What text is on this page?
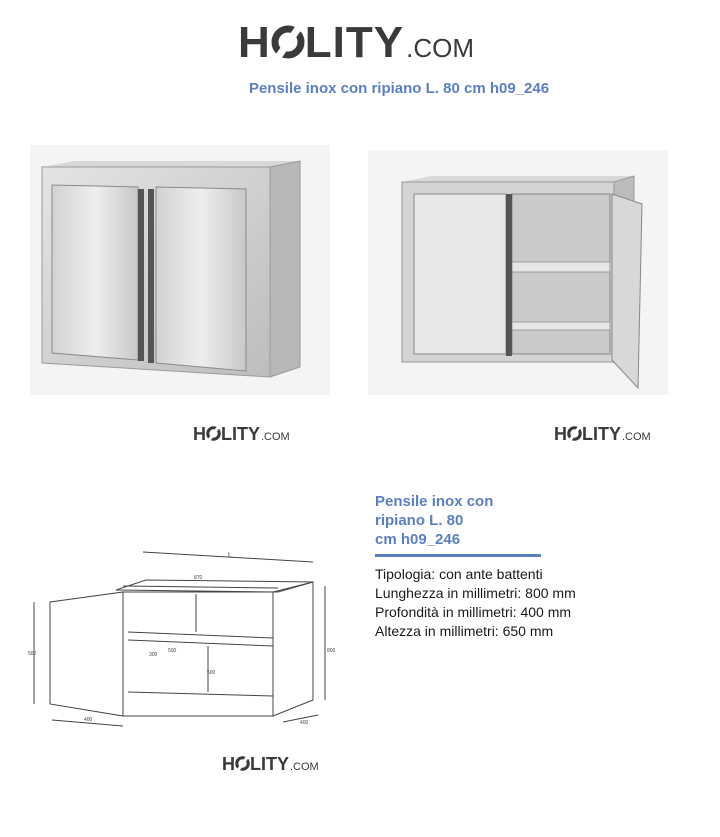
H LITY .COM
Pensile inox con ripiano L. 80 cm h09_246
H LITY .COM	H LITY .COM
L
870
500	800
400	400
300
500
500
H LITY .COM
Pensile inox con
ripiano L. 80
cm h09_246
Tipologia: con ante battenti
Lunghezza in millimetri: 800 mm
Profondità in millimetri: 400 mm
Altezza in millimetri: 650 mm
